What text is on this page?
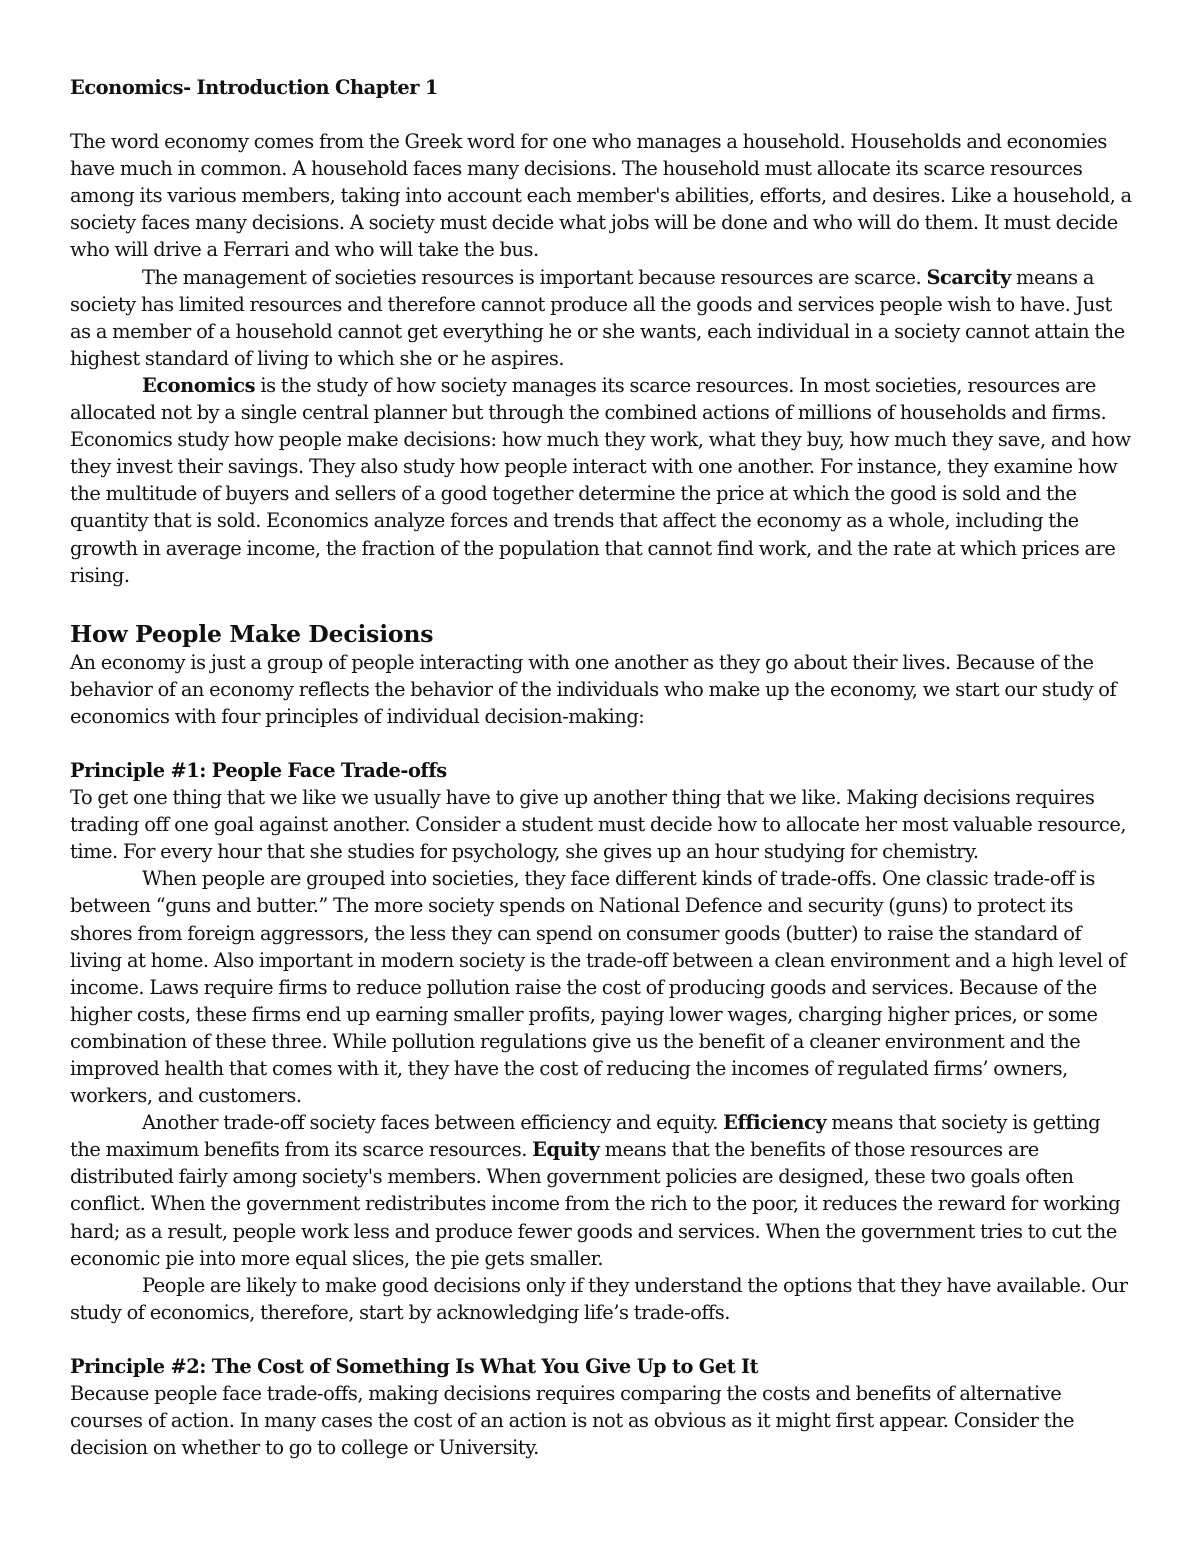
Economics- Introduction Chapter 1

The word economy comes from the Greek word for one who manages a household. Households and economies have much in common. A household faces many decisions. The household must allocate its scarce resources among its various members, taking into account each member's abilities, efforts, and desires. Like a household, a society faces many decisions. A society must decide what jobs will be done and who will do them. It must decide who will drive a Ferrari and who will take the bus.

The management of societies resources is important because resources are scarce. Scarcity means a society has limited resources and therefore cannot produce all the goods and services people wish to have. Just as a member of a household cannot get everything he or she wants, each individual in a society cannot attain the highest standard of living to which she or he aspires.

Economics is the study of how society manages its scarce resources. In most societies, resources are allocated not by a single central planner but through the combined actions of millions of households and firms. Economics study how people make decisions: how much they work, what they buy, how much they save, and how they invest their savings. They also study how people interact with one another. For instance, they examine how the multitude of buyers and sellers of a good together determine the price at which the good is sold and the quantity that is sold. Economics analyze forces and trends that affect the economy as a whole, including the growth in average income, the fraction of the population that cannot find work, and the rate at which prices are rising.

How People Make Decisions

An economy is just a group of people interacting with one another as they go about their lives. Because of the behavior of an economy reflects the behavior of the individuals who make up the economy, we start our study of economics with four principles of individual decision-making:

Principle #1: People Face Trade-offs

To get one thing that we like we usually have to give up another thing that we like. Making decisions requires trading off one goal against another. Consider a student must decide how to allocate her most valuable resource, time. For every hour that she studies for psychology, she gives up an hour studying for chemistry.

When people are grouped into societies, they face different kinds of trade-offs. One classic trade-off is between “guns and butter.” The more society spends on National Defence and security (guns) to protect its shores from foreign aggressors, the less they can spend on consumer goods (butter) to raise the standard of living at home. Also important in modern society is the trade-off between a clean environment and a high level of income. Laws require firms to reduce pollution raise the cost of producing goods and services. Because of the higher costs, these firms end up earning smaller profits, paying lower wages, charging higher prices, or some combination of these three. While pollution regulations give us the benefit of a cleaner environment and the improved health that comes with it, they have the cost of reducing the incomes of regulated firms’ owners, workers, and customers.

Another trade-off society faces between efficiency and equity. Efficiency means that society is getting the maximum benefits from its scarce resources. Equity means that the benefits of those resources are distributed fairly among society's members. When government policies are designed, these two goals often conflict. When the government redistributes income from the rich to the poor, it reduces the reward for working hard; as a result, people work less and produce fewer goods and services. When the government tries to cut the economic pie into more equal slices, the pie gets smaller.

People are likely to make good decisions only if they understand the options that they have available. Our study of economics, therefore, start by acknowledging life’s trade-offs.

Principle #2: The Cost of Something Is What You Give Up to Get It

Because people face trade-offs, making decisions requires comparing the costs and benefits of alternative courses of action. In many cases the cost of an action is not as obvious as it might first appear. Consider the decision on whether to go to college or University.
